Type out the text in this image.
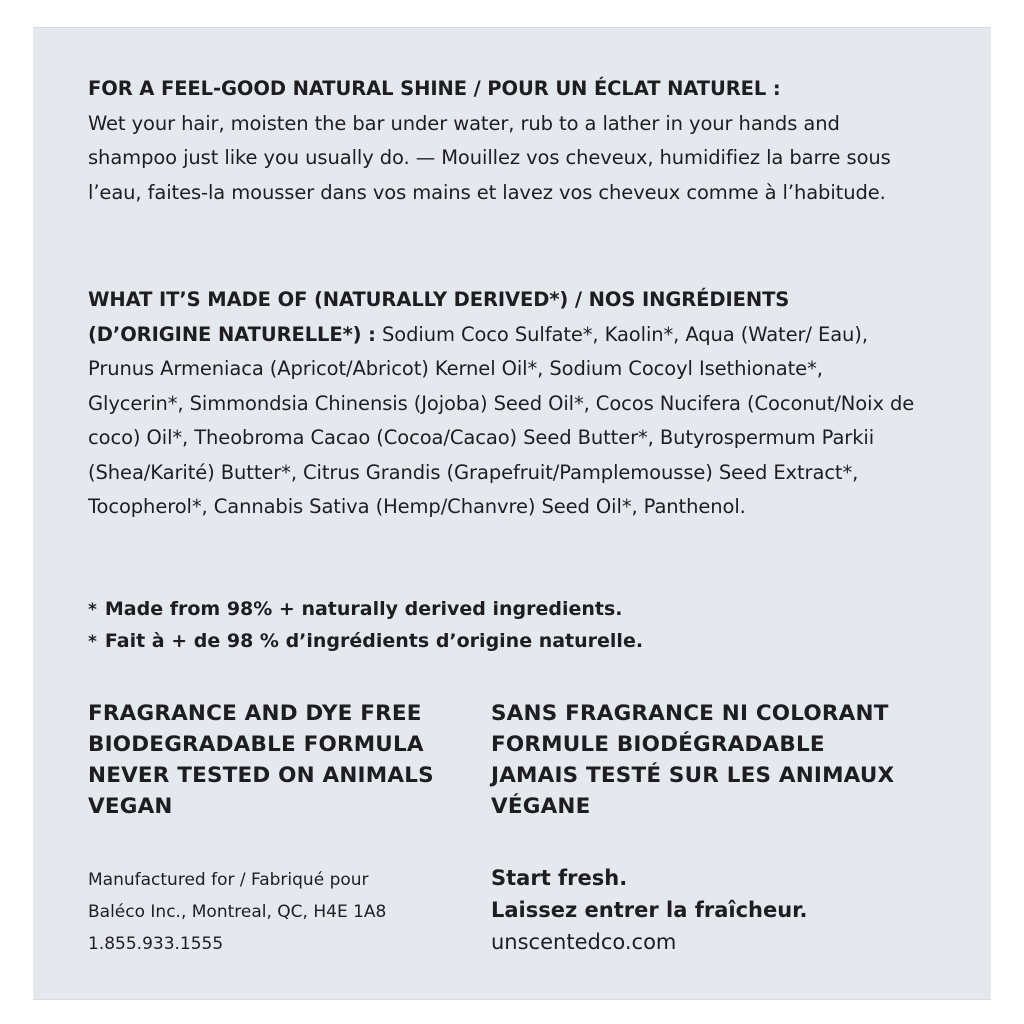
FOR A FEEL-GOOD NATURAL SHINE / POUR UN ÉCLAT NATUREL :
Wet your hair, moisten the bar under water, rub to a lather in your hands and shampoo just like you usually do. — Mouillez vos cheveux, humidifiez la barre sous l’eau, faites-la mousser dans vos mains et lavez vos cheveux comme à l’habitude.
WHAT IT’S MADE OF (NATURALLY DERIVED*) / NOS INGRÉDIENTS (D’ORIGINE NATURELLE*) : Sodium Coco Sulfate*, Kaolin*, Aqua (Water/ Eau), Prunus Armeniaca (Apricot/Abricot) Kernel Oil*, Sodium Cocoyl Isethionate*, Glycerin*, Simmondsia Chinensis (Jojoba) Seed Oil*, Cocos Nucifera (Coconut/Noix de coco) Oil*, Theobroma Cacao (Cocoa/Cacao) Seed Butter*, Butyrospermum Parkii (Shea/Karité) Butter*, Citrus Grandis (Grapefruit/Pamplemousse) Seed Extract*, Tocopherol*, Cannabis Sativa (Hemp/Chanvre) Seed Oil*, Panthenol.
* Made from 98% + naturally derived ingredients.
* Fait à + de 98 % d’ingrédients d’origine naturelle.
FRAGRANCE AND DYE FREE
BIODEGRADABLE FORMULA
NEVER TESTED ON ANIMALS
VEGAN
SANS FRAGRANCE NI COLORANT
FORMULE BIODÉGRADABLE
JAMAIS TESTÉ SUR LES ANIMAUX
VÉGANE
Manufactured for / Fabriqué pour
Baléco Inc., Montreal, QC, H4E 1A8
1.855.933.1555
Start fresh.
Laissez entrer la fraîcheur.
unscentedco.com
